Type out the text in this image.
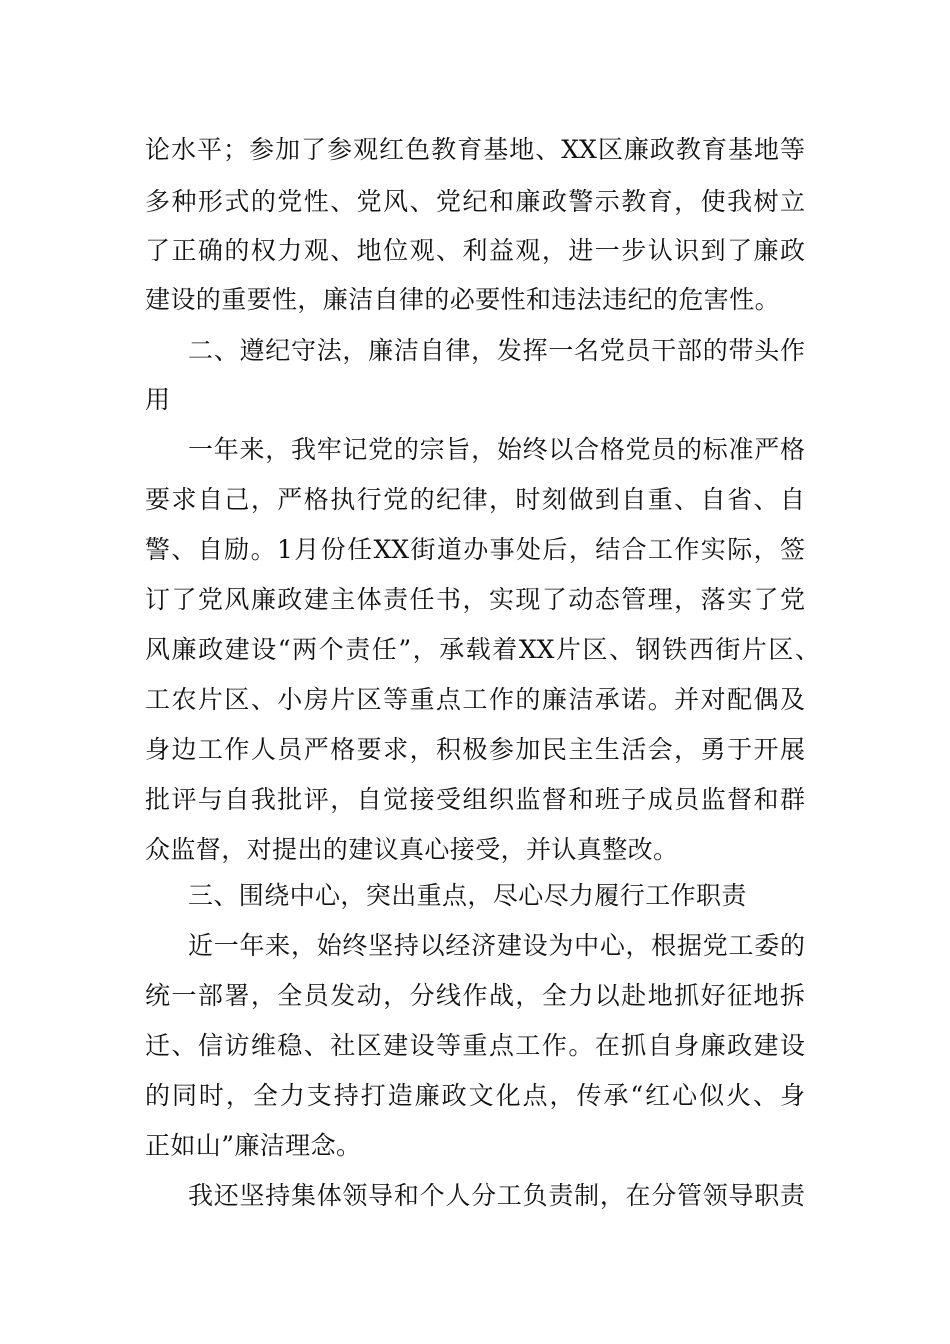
论水平；参加了参观红色教育基地、XX区廉政教育基地等
多种形式的党性、党风、党纪和廉政警示教育，使我树立
了正确的权力观、地位观、利益观，进一步认识到了廉政
建设的重要性，廉洁自律的必要性和违法违纪的危害性。
二、遵纪守法，廉洁自律，发挥一名党员干部的带头作
用
一年来，我牢记党的宗旨，始终以合格党员的标准严格
要求自己，严格执行党的纪律，时刻做到自重、自省、自
警、自励。1月份任XX街道办事处后，结合工作实际，签
订了党风廉政建主体责任书，实现了动态管理，落实了党
风廉政建设“两个责任”，承载着XX片区、钢铁西街片区、
工农片区、小房片区等重点工作的廉洁承诺。并对配偶及
身边工作人员严格要求，积极参加民主生活会，勇于开展
批评与自我批评，自觉接受组织监督和班子成员监督和群
众监督，对提出的建议真心接受，并认真整改。
三、围绕中心，突出重点，尽心尽力履行工作职责
近一年来，始终坚持以经济建设为中心，根据党工委的
统一部署，全员发动，分线作战，全力以赴地抓好征地拆
迁、信访维稳、社区建设等重点工作。在抓自身廉政建设
的同时，全力支持打造廉政文化点，传承“红心似火、身
正如山”廉洁理念。
我还坚持集体领导和个人分工负责制，在分管领导职责
